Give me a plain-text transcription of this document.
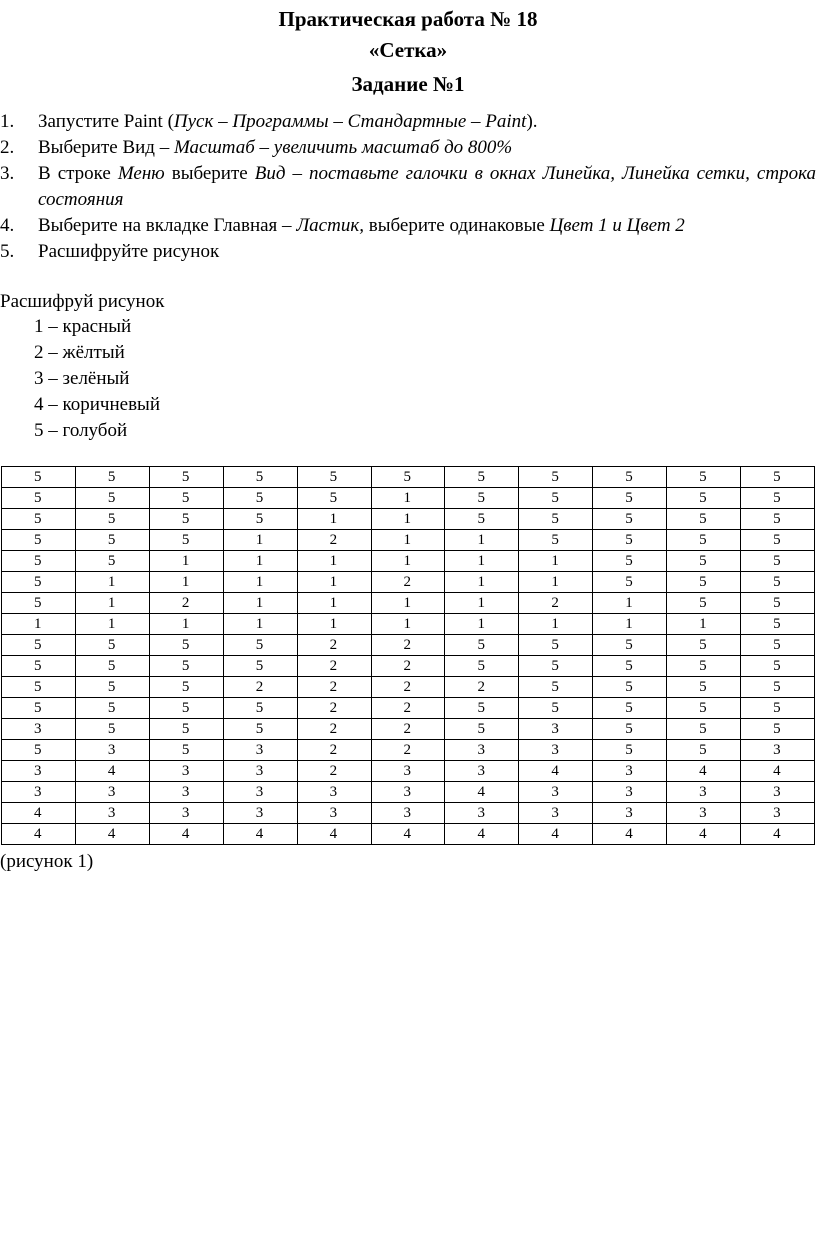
Практическая работа № 18
«Сетка»
Задание №1
1. Запустите Paint (Пуск – Программы – Стандартные – Paint).
2. Выберите Вид – Масштаб – увеличить масштаб до 800%
3. В строке Меню выберите Вид – поставьте галочки в окнах Линейка, Линейка сетки, строка состояния
4. Выберите на вкладке Главная – Ластик, выберите одинаковые Цвет 1 и Цвет 2
5. Расшифруйте рисунок
Расшифруй рисунок
1 – красный
2 – жёлтый
3 – зелёный
4 – коричневый
5 – голубой
5	5	5	5	5	5	5	5	5	5	5
5	5	5	5	5	1	5	5	5	5	5
5	5	5	5	1	1	5	5	5	5	5
5	5	5	1	2	1	1	5	5	5	5
5	5	1	1	1	1	1	1	5	5	5
5	1	1	1	1	2	1	1	5	5	5
5	1	2	1	1	1	1	2	1	5	5
1	1	1	1	1	1	1	1	1	1	5
5	5	5	5	2	2	5	5	5	5	5
5	5	5	5	2	2	5	5	5	5	5
5	5	5	2	2	2	2	5	5	5	5
5	5	5	5	2	2	5	5	5	5	5
3	5	5	5	2	2	5	3	5	5	5
5	3	5	3	2	2	3	3	5	5	3
3	4	3	3	2	3	3	4	3	4	4
3	3	3	3	3	3	4	3	3	3	3
4	3	3	3	3	3	3	3	3	3	3
4	4	4	4	4	4	4	4	4	4	4
(рисунок 1)
